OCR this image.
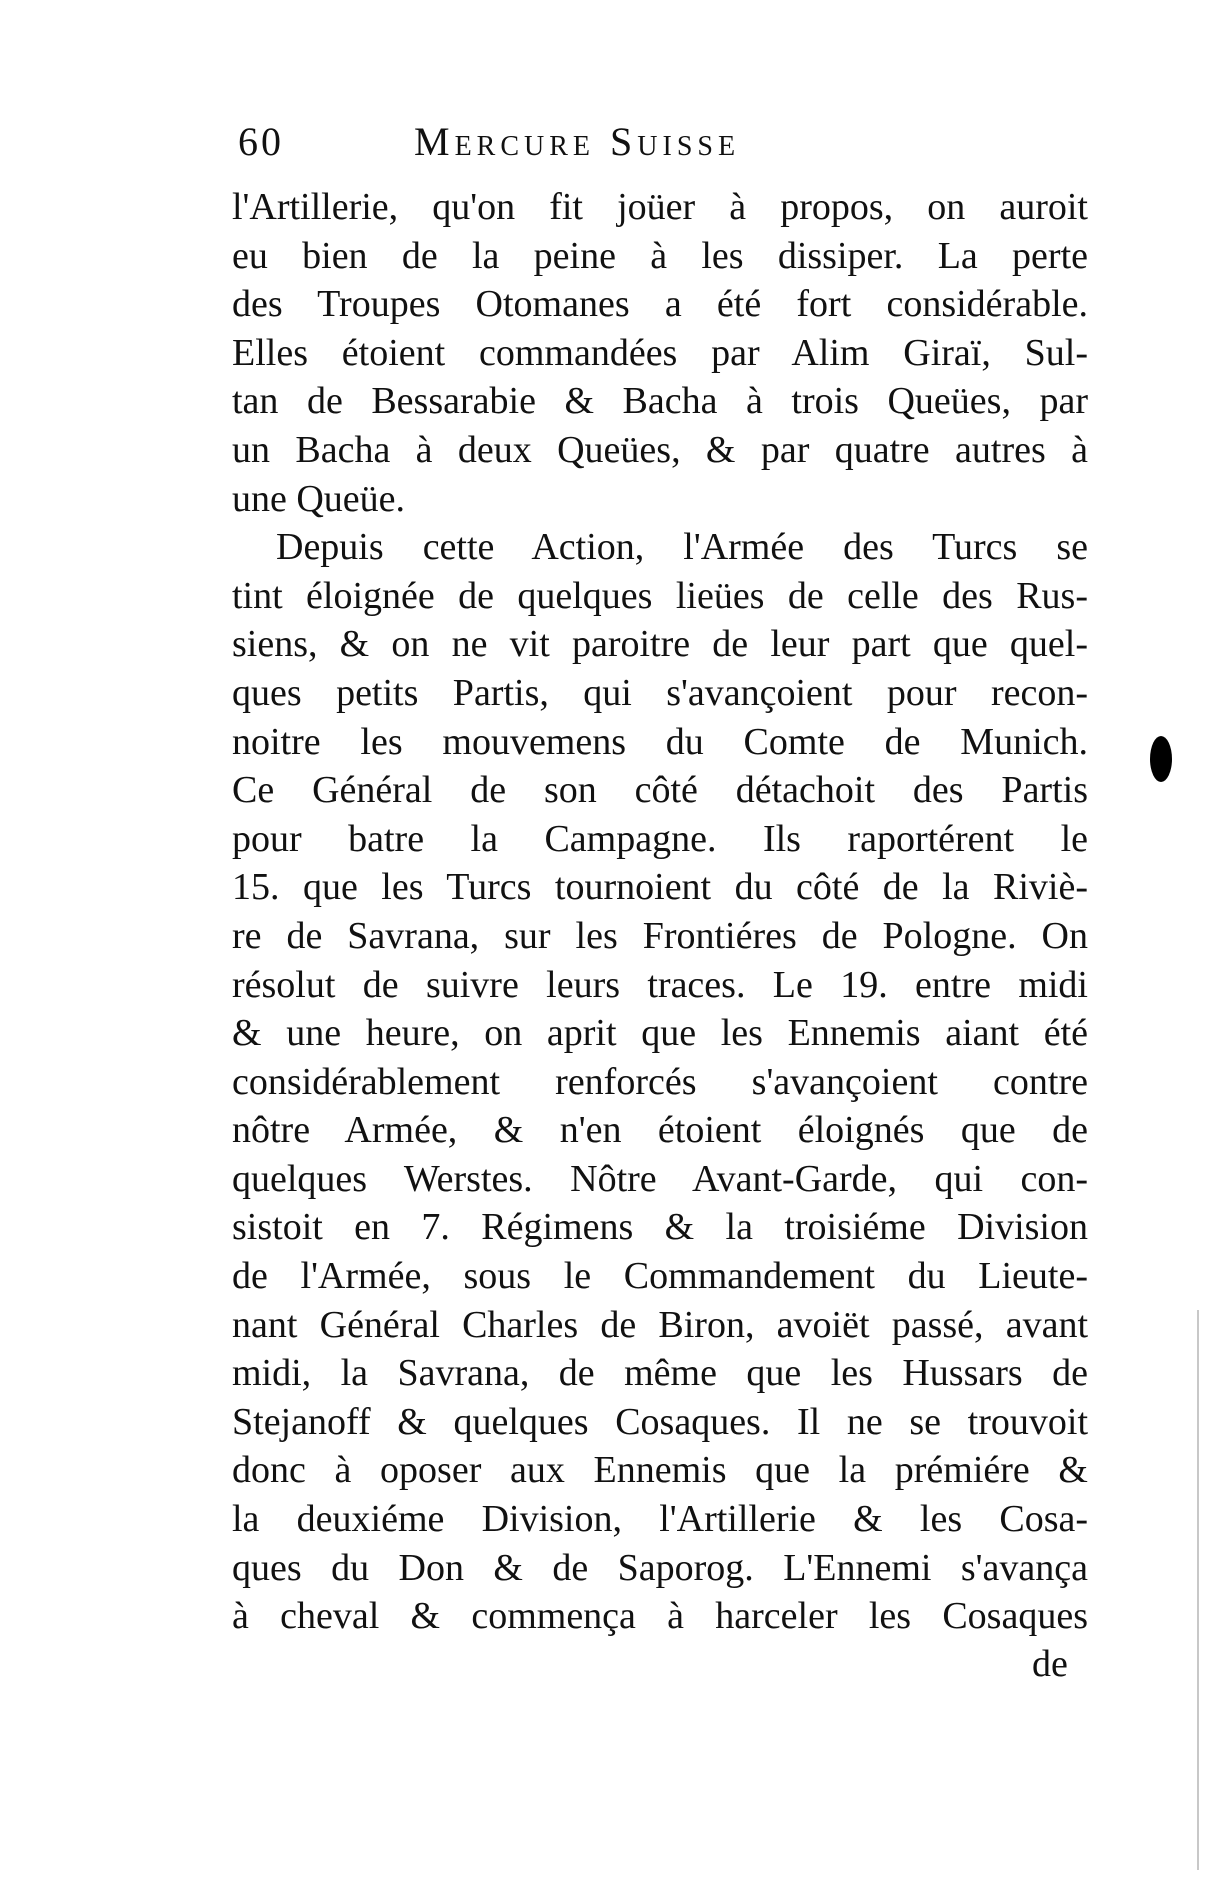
60	Mercure Suisse
l'Artillerie, qu'on fit joüer à propos, on auroit
eu bien de la peine à les dissiper. La perte
des Troupes Otomanes a été fort considérable.
Elles étoient commandées par Alim Giraï, Sul-
tan de Bessarabie & Bacha à trois Queües, par
un Bacha à deux Queües, & par quatre autres à
une Queüe.
Depuis cette Action, l'Armée des Turcs se
tint éloignée de quelques lieües de celle des Rus-
siens, & on ne vit paroitre de leur part que quel-
ques petits Partis, qui s'avançoient pour recon-
noitre les mouvemens du Comte de Munich.
Ce Général de son côté détachoit des Partis
pour batre la Campagne. Ils raportérent le
15. que les Turcs tournoient du côté de la Riviè-
re de Savrana, sur les Frontiéres de Pologne. On
résolut de suivre leurs traces. Le 19. entre midi
& une heure, on aprit que les Ennemis aiant été
considérablement renforcés s'avançoient contre
nôtre Armée, & n'en étoient éloignés que de
quelques Werstes. Nôtre Avant-Garde, qui con-
sistoit en 7. Régimens & la troisiéme Division
de l'Armée, sous le Commandement du Lieute-
nant Général Charles de Biron, avoiët passé, avant
midi, la Savrana, de même que les Hussars de
Stejanoff & quelques Cosaques. Il ne se trouvoit
donc à oposer aux Ennemis que la prémiére &
la deuxiéme Division, l'Artillerie & les Cosa-
ques du Don & de Saporog. L'Ennemi s'avança
à cheval & commença à harceler les Cosaques
de
